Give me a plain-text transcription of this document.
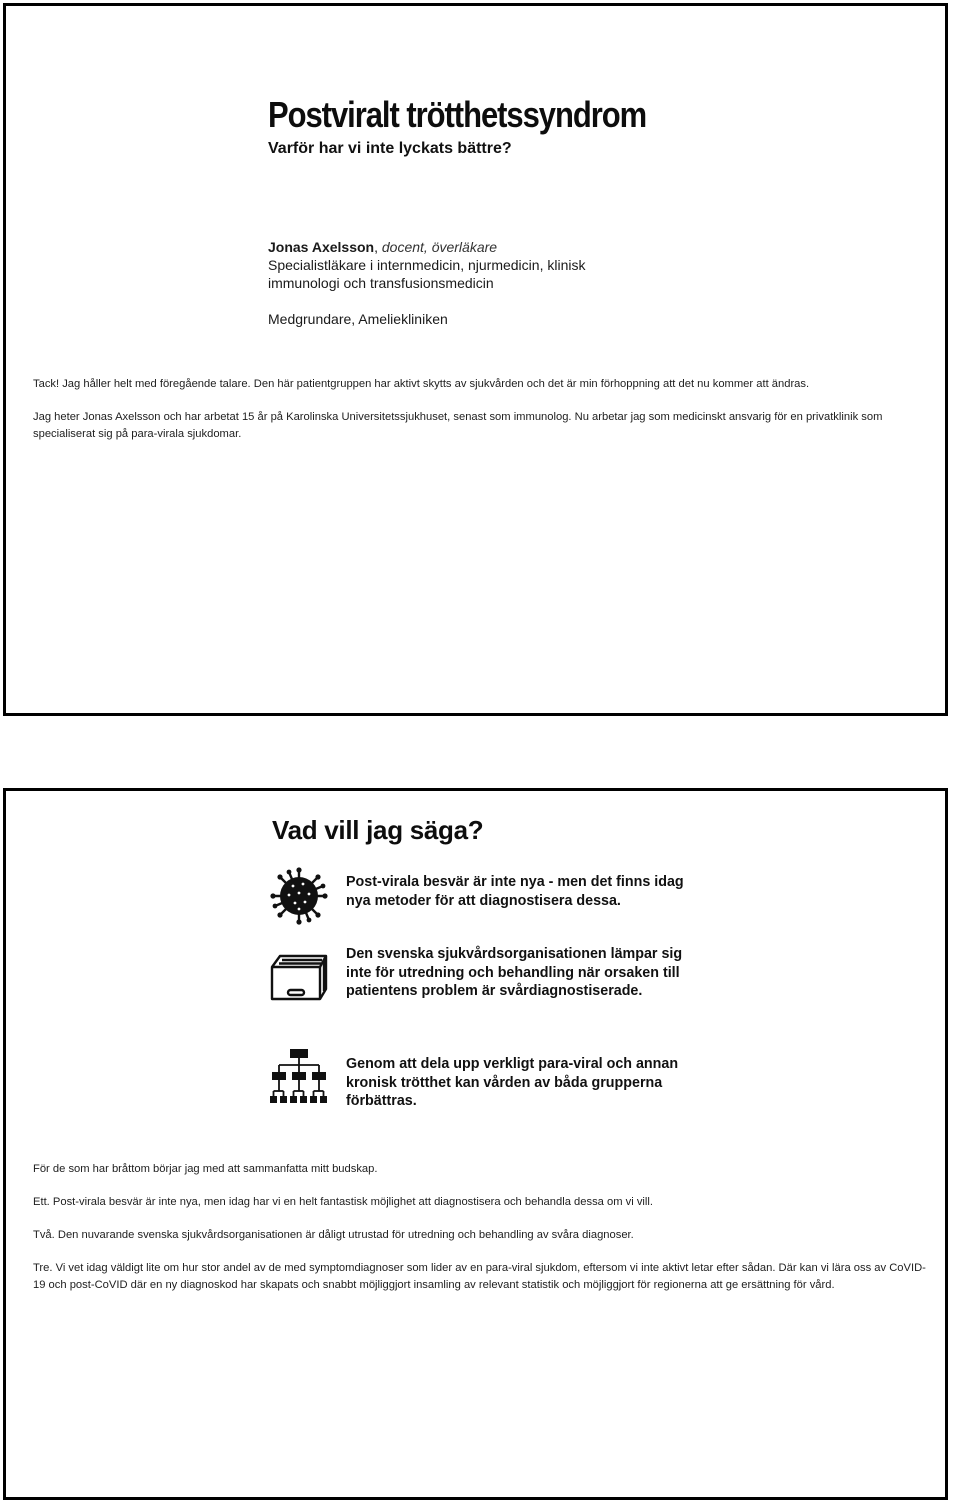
Postviralt trötthetssyndrom
Varför har vi inte lyckats bättre?
Jonas Axelsson, docent, överläkare
Specialistläkare i internmedicin, njurmedicin, klinisk
immunologi och transfusionsmedicin
Medgrundare, Ameliekliniken

Tack! Jag håller helt med föregående talare. Den här patientgruppen har aktivt skytts av sjukvården och det är min förhoppning att det nu kommer att ändras.

Jag heter Jonas Axelsson och har arbetat 15 år på Karolinska Universitetssjukhuset, senast som immunolog. Nu arbetar jag som medicinskt ansvarig för en privatklinik som specialiserat sig på para-virala sjukdomar.

Vad vill jag säga?
Post-virala besvär är inte nya - men det finns idag nya metoder för att diagnostisera dessa.
Den svenska sjukvårdsorganisationen lämpar sig inte för utredning och behandling när orsaken till patientens problem är svårdiagnostiserade.
Genom att dela upp verkligt para-viral och annan kronisk trötthet kan vården av båda grupperna förbättras.

För de som har bråttom börjar jag med att sammanfatta mitt budskap.

Ett. Post-virala besvär är inte nya, men idag har vi en helt fantastisk möjlighet att diagnostisera och behandla dessa om vi vill.

Två. Den nuvarande svenska sjukvårdsorganisationen är dåligt utrustad för utredning och behandling av svåra diagnoser.

Tre. Vi vet idag väldigt lite om hur stor andel av de med symptomdiagnoser som lider av en para-viral sjukdom, eftersom vi inte aktivt letar efter sådan. Där kan vi lära oss av CoVID-19 och post-CoVID där en ny diagnoskod har skapats och snabbt möjliggjort insamling av relevant statistik och möjliggjort för regionerna att ge ersättning för vård.
